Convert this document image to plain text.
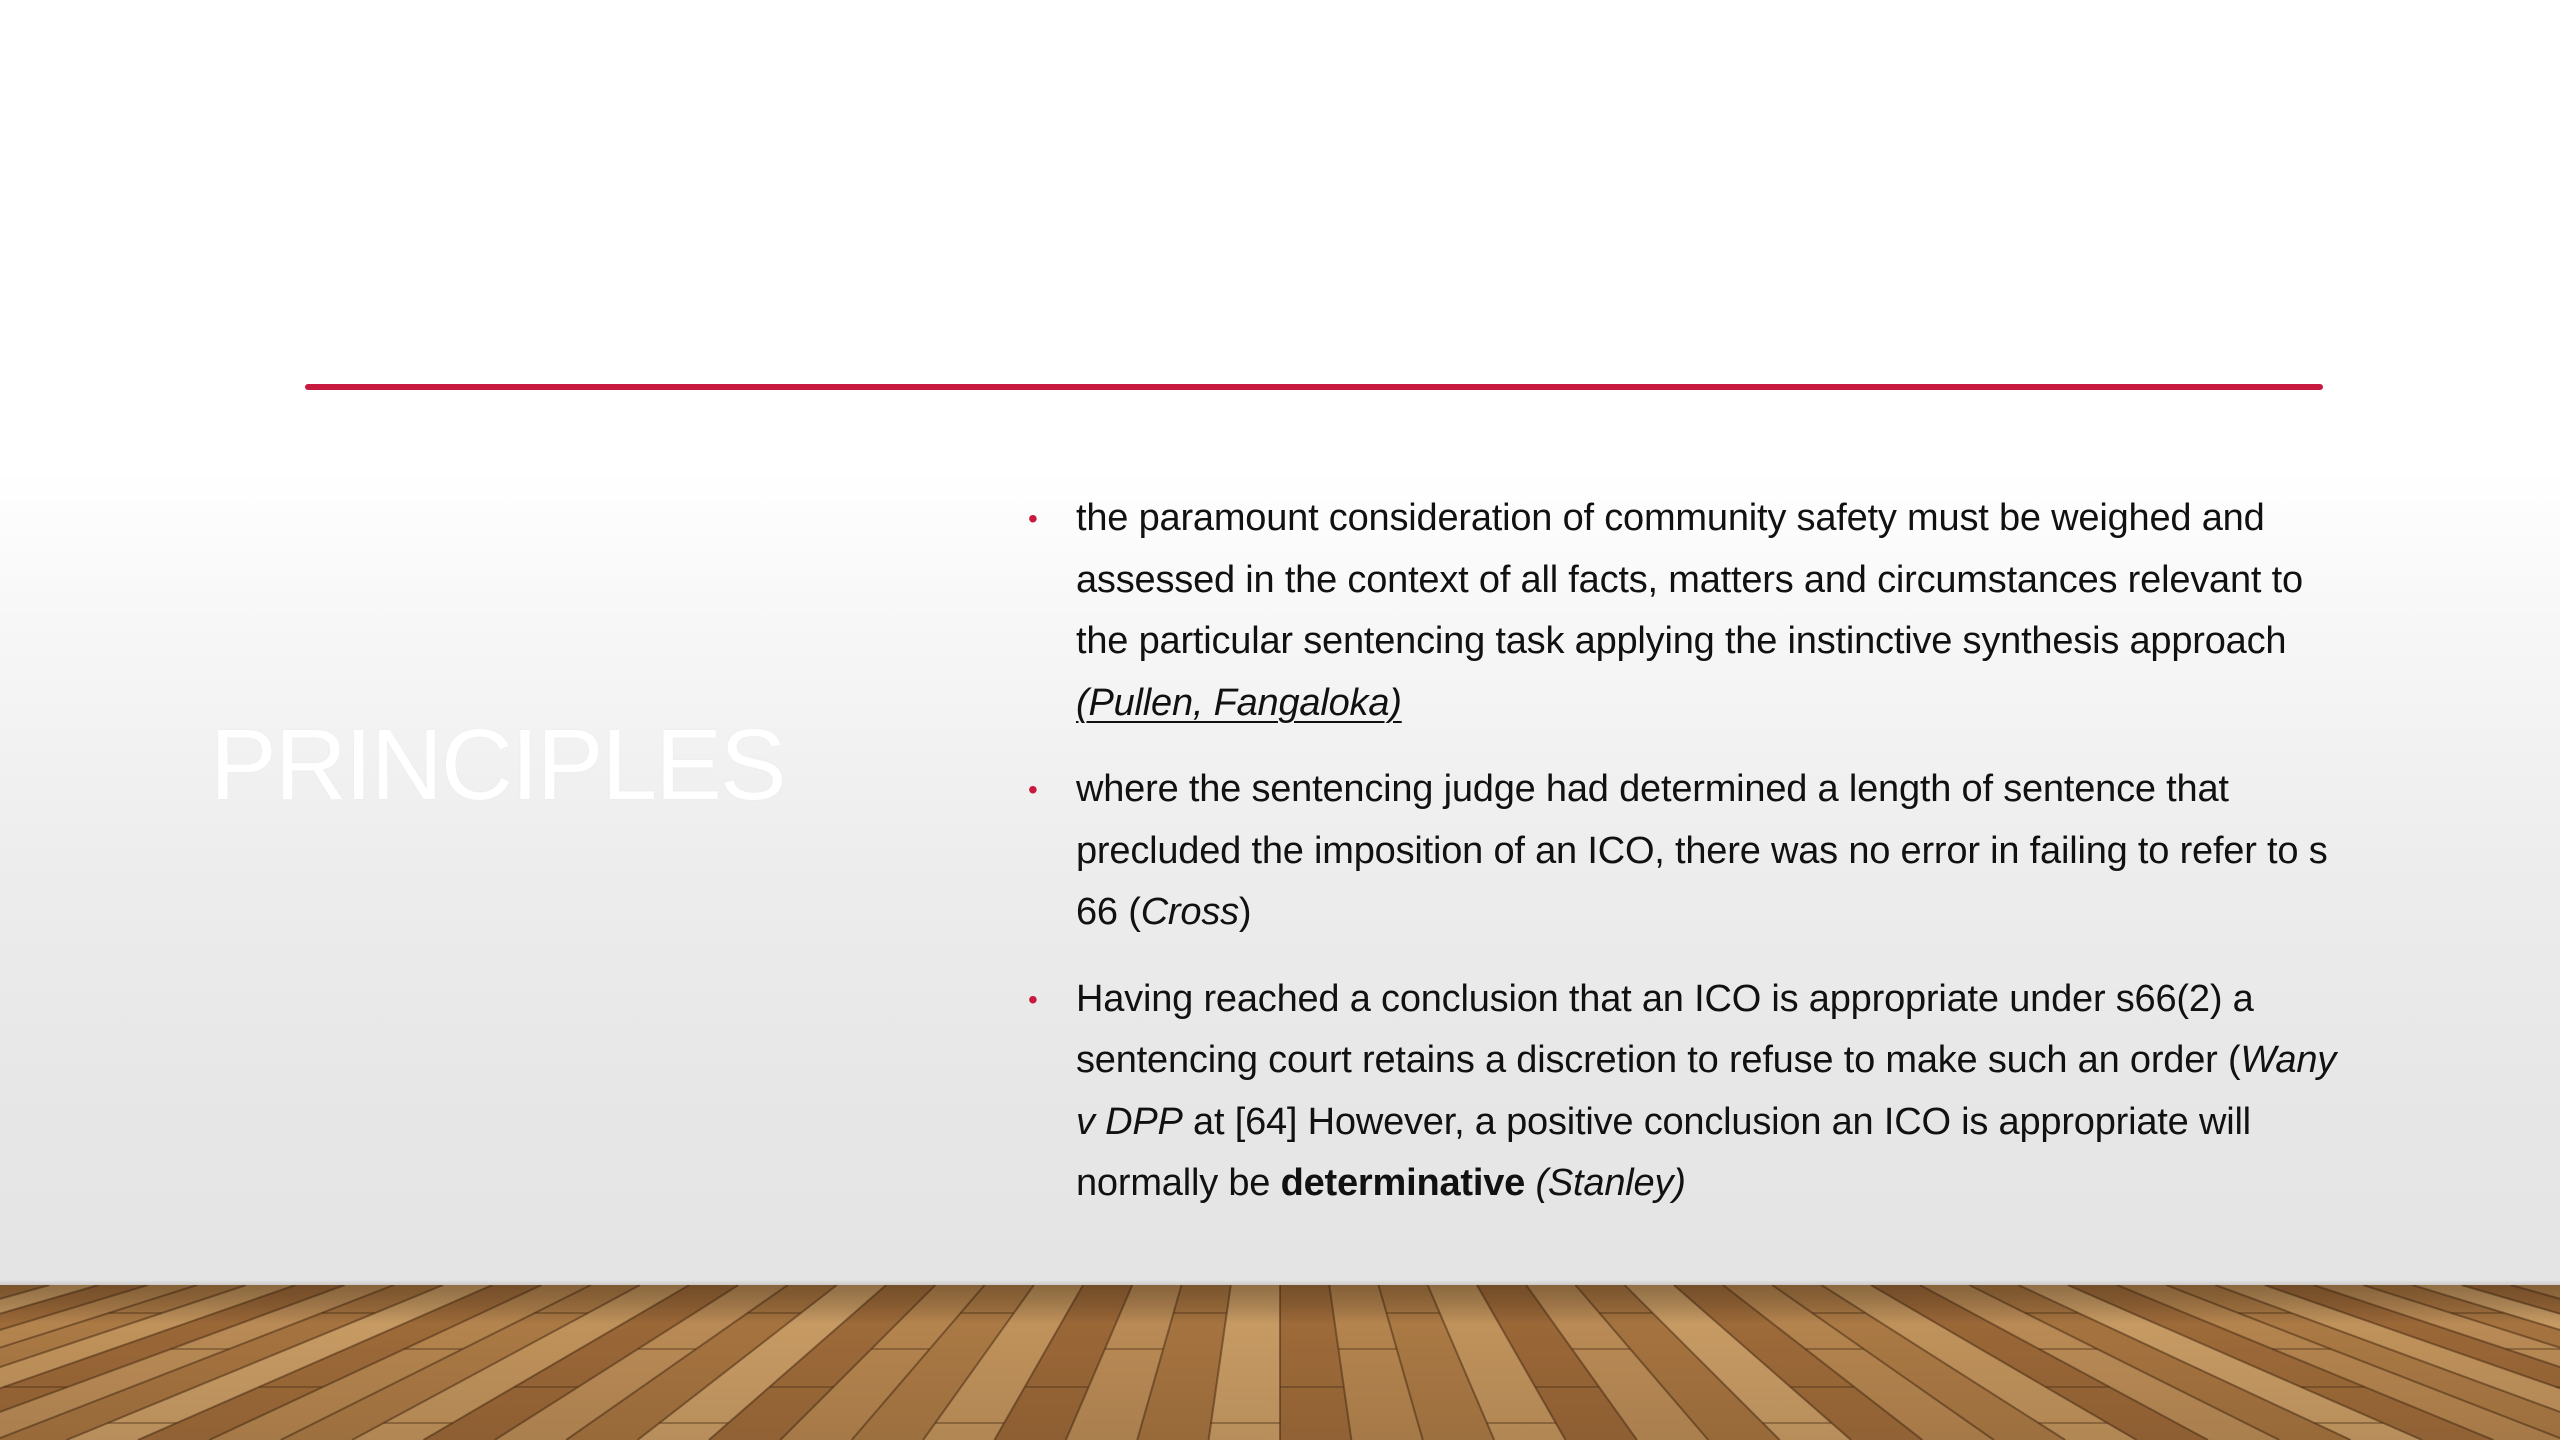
PRINCIPLES
• the paramount consideration of community safety must be weighed and assessed in the context of all facts, matters and circumstances relevant to the particular sentencing task applying the instinctive synthesis approach (Pullen, Fangaloka)
• where the sentencing judge had determined a length of sentence that precluded the imposition of an ICO, there was no error in failing to refer to s 66 (Cross)
• Having reached a conclusion that an ICO is appropriate under s66(2) a sentencing court retains a discretion to refuse to make such an order (Wany v DPP at [64] However, a positive conclusion an ICO is appropriate will normally be determinative (Stanley)
